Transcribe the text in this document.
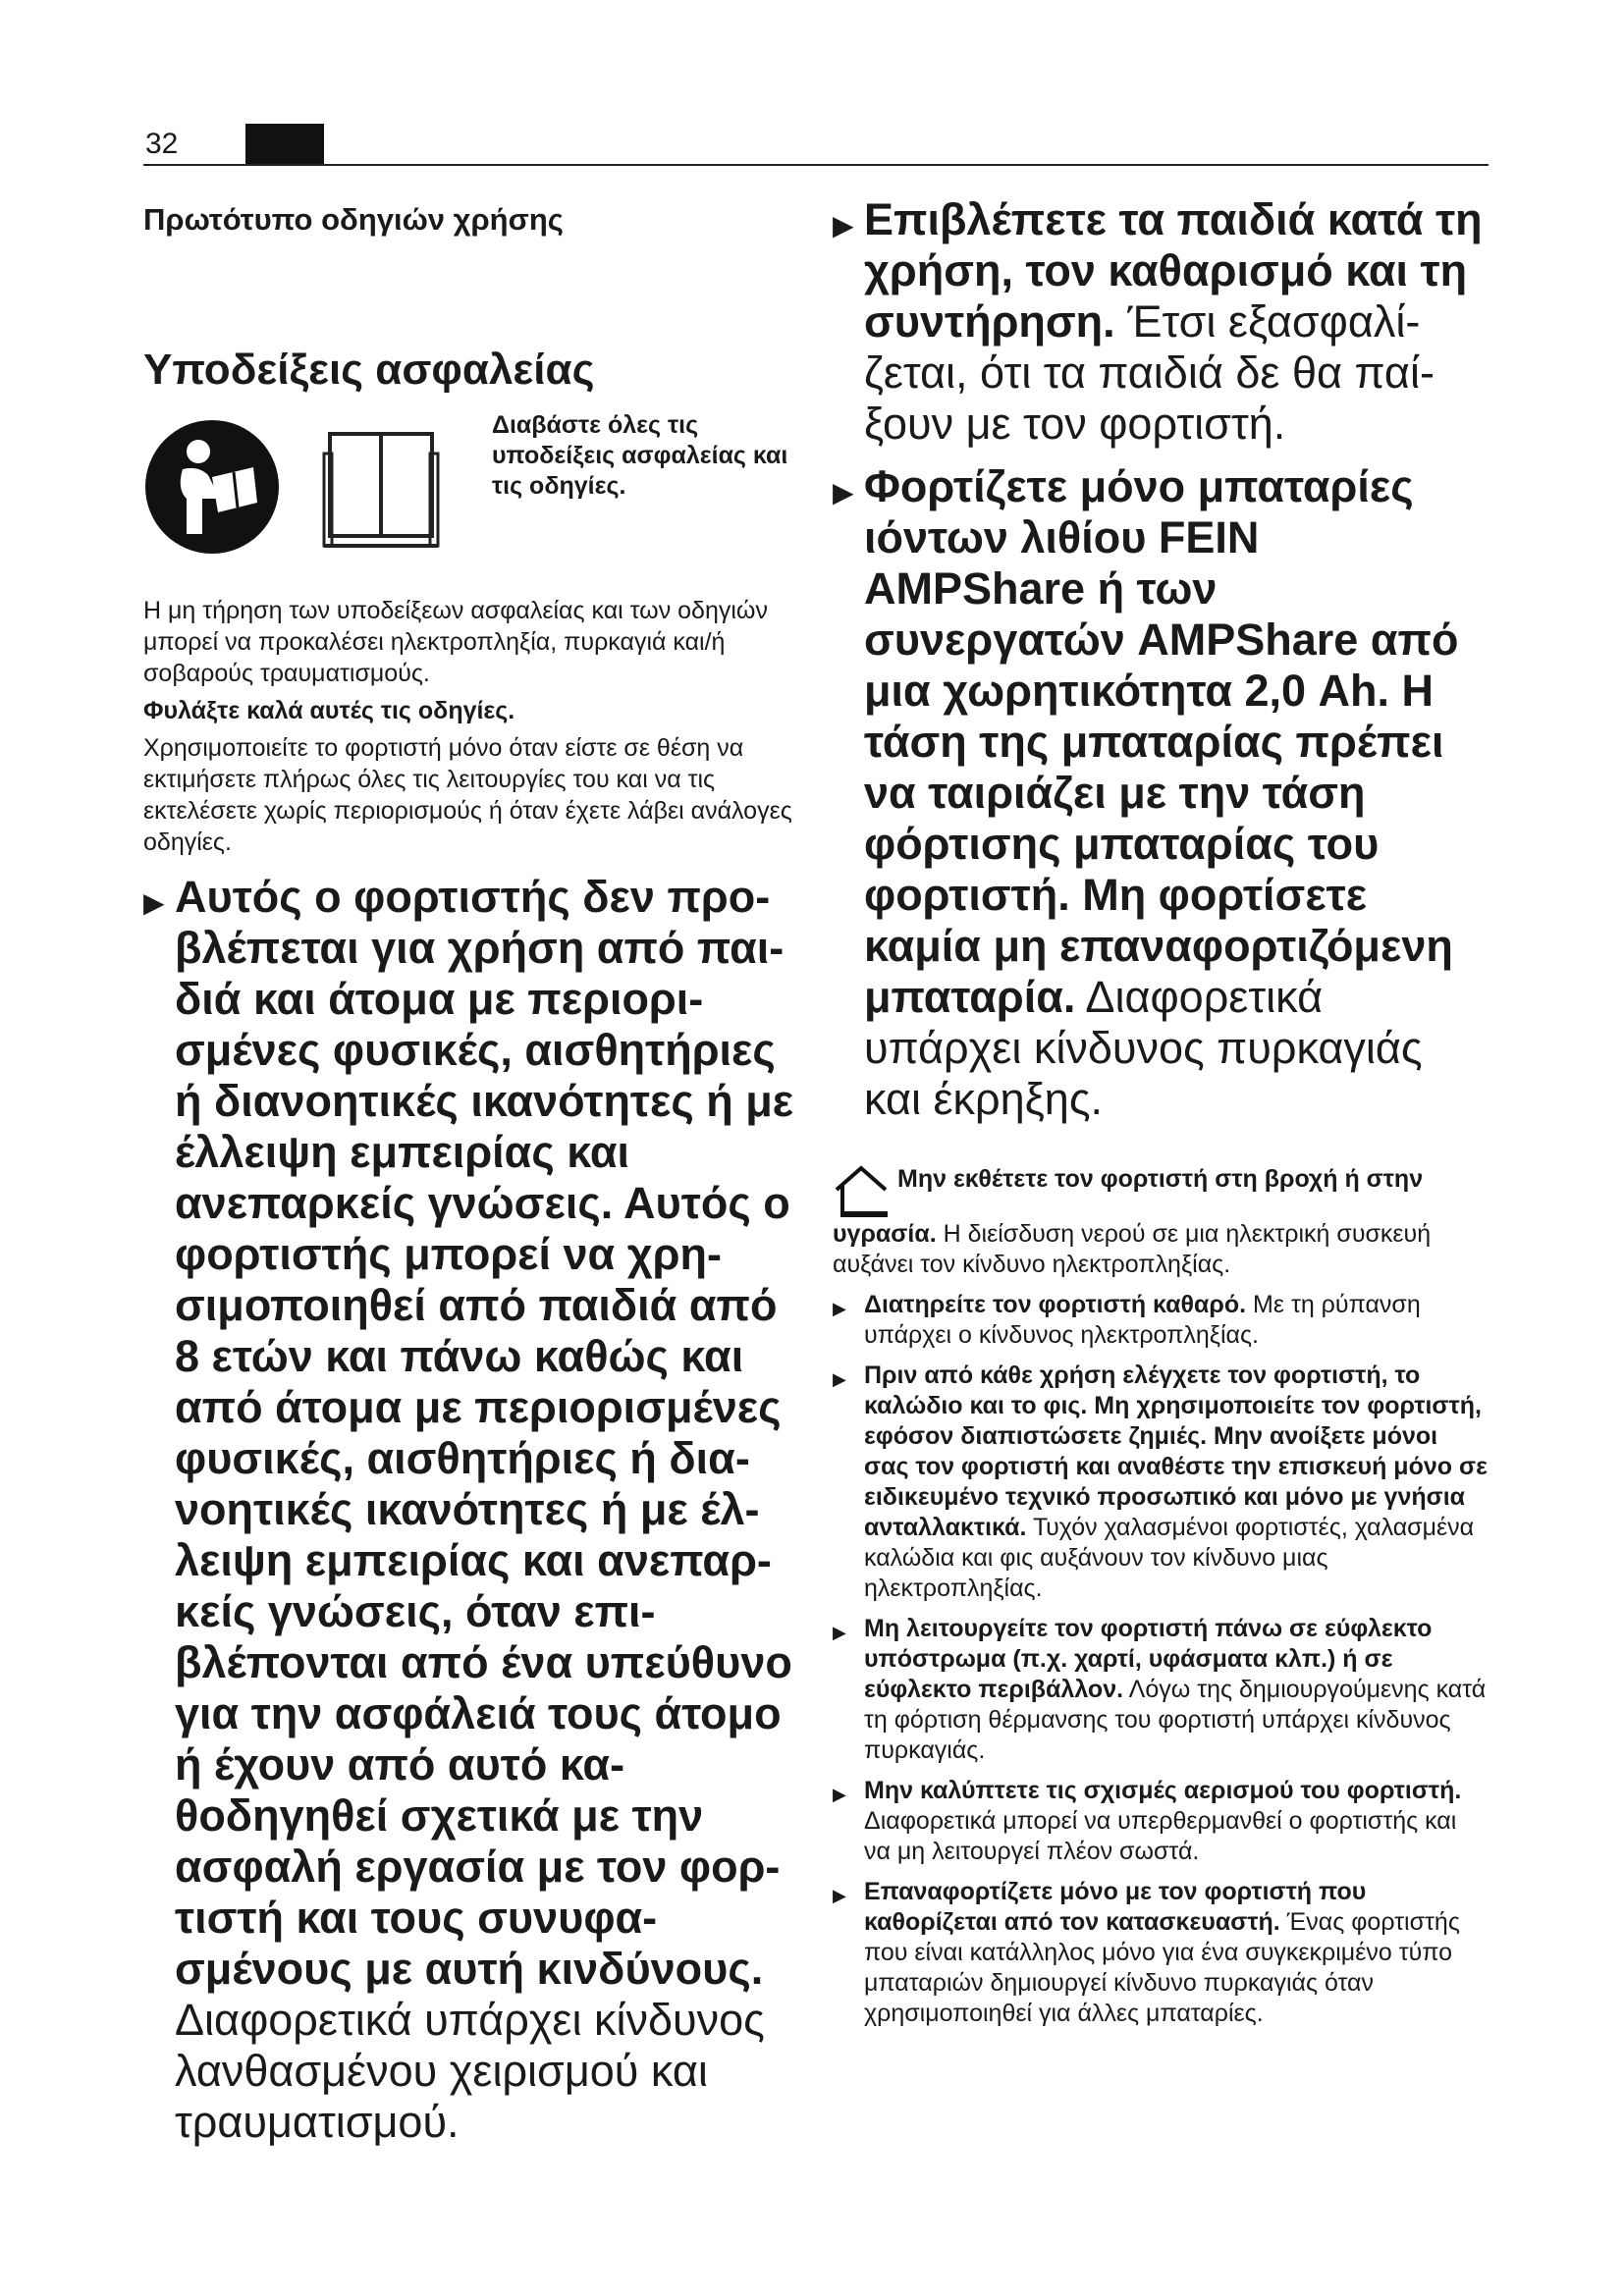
32
Πρωτότυπο οδηγιών χρήσης
Υποδείξεις ασφαλείας
Διαβάστε όλες τις υποδείξεις ασφαλείας και τις οδηγίες.

Η μη τήρηση των υποδείξεων ασφαλείας και των οδηγιών μπορεί να προκαλέσει ηλεκτροπληξία, πυρκαγιά και/ή σοβαρούς τραυματισμούς.

Φυλάξτε καλά αυτές τις οδηγίες.

Χρησιμοποιείτε το φορτιστή μόνο όταν είστε σε θέση να εκτιμήσετε πλήρως όλες τις λειτουργίες του και να τις εκτελέσετε χωρίς περιορισμούς ή όταν έχετε λάβει ανάλογες οδηγίες.

▶ Αυτός ο φορτιστής δεν προβλέπεται για χρήση από παιδιά και άτομα με περιορισμένες φυσικές, αισθητήριες ή διανοητικές ικανότητες ή με έλλειψη εμπειρίας και ανεπαρκείς γνώσεις. Αυτός ο φορτιστής μπορεί να χρησιμοποιηθεί από παιδιά από 8 ετών και πάνω καθώς και από άτομα με περιορισμένες φυσικές, αισθητήριες ή διανοητικές ικανότητες ή με έλλειψη εμπειρίας και ανεπαρκείς γνώσεις, όταν επιβλέπονται από ένα υπεύθυνο για την ασφάλειά τους άτομο ή έχουν από αυτό καθοδηγηθεί σχετικά με την ασφαλή εργασία με τον φορτιστή και τους συνυφασμένους με αυτή κινδύνους. Διαφορετικά υπάρχει κίνδυνος λανθασμένου χειρισμού και τραυματισμού.
▶ Επιβλέπετε τα παιδιά κατά τη χρήση, τον καθαρισμό και τη συντήρηση. Έτσι εξασφαλίζεται, ότι τα παιδιά δε θα παίξουν με τον φορτιστή.
▶ Φορτίζετε μόνο μπαταρίες ιόντων λιθίου FEIN AMPShare ή των συνεργατών AMPShare από μια χωρητικότητα 2,0 Ah. Η τάση της μπαταρίας πρέπει να ταιριάζει με την τάση φόρτισης μπαταρίας του φορτιστή. Μη φορτίσετε καμία μη επαναφορτιζόμενη μπαταρία. Διαφορετικά υπάρχει κίνδυνος πυρκαγιάς και έκρηξης.
Μην εκθέτετε τον φορτιστή στη βροχή ή στην υγρασία. Η διείσδυση νερού σε μια ηλεκτρική συσκευή αυξάνει τον κίνδυνο ηλεκτροπληξίας.
▶ Διατηρείτε τον φορτιστή καθαρό. Με τη ρύπανση υπάρχει ο κίνδυνος ηλεκτροπληξίας.
▶ Πριν από κάθε χρήση ελέγχετε τον φορτιστή, το καλώδιο και το φις. Μη χρησιμοποιείτε τον φορτιστή, εφόσον διαπιστώσετε ζημιές. Μην ανοίξετε μόνοι σας τον φορτιστή και αναθέστε την επισκευή μόνο σε ειδικευμένο τεχνικό προσωπικό και μόνο με γνήσια ανταλλακτικά. Τυχόν χαλασμένοι φορτιστές, χαλασμένα καλώδια και φις αυξάνουν τον κίνδυνο μιας ηλεκτροπληξίας.
▶ Μη λειτουργείτε τον φορτιστή πάνω σε εύφλεκτο υπόστρωμα (π.χ. χαρτί, υφάσματα κλπ.) ή σε εύφλεκτο περιβάλλον. Λόγω της δημιουργούμενης κατά τη φόρτιση θέρμανσης του φορτιστή υπάρχει κίνδυνος πυρκαγιάς.
▶ Μην καλύπτετε τις σχισμές αερισμού του φορτιστή. Διαφορετικά μπορεί να υπερθερμανθεί ο φορτιστής και να μη λειτουργεί πλέον σωστά.
▶ Επαναφορτίζετε μόνο με τον φορτιστή που καθορίζεται από τον κατασκευαστή. Ένας φορτιστής που είναι κατάλληλος μόνο για ένα συγκεκριμένο τύπο μπαταριών δημιουργεί κίνδυνο πυρκαγιάς όταν χρησιμοποιηθεί για άλλες μπαταρίες.
